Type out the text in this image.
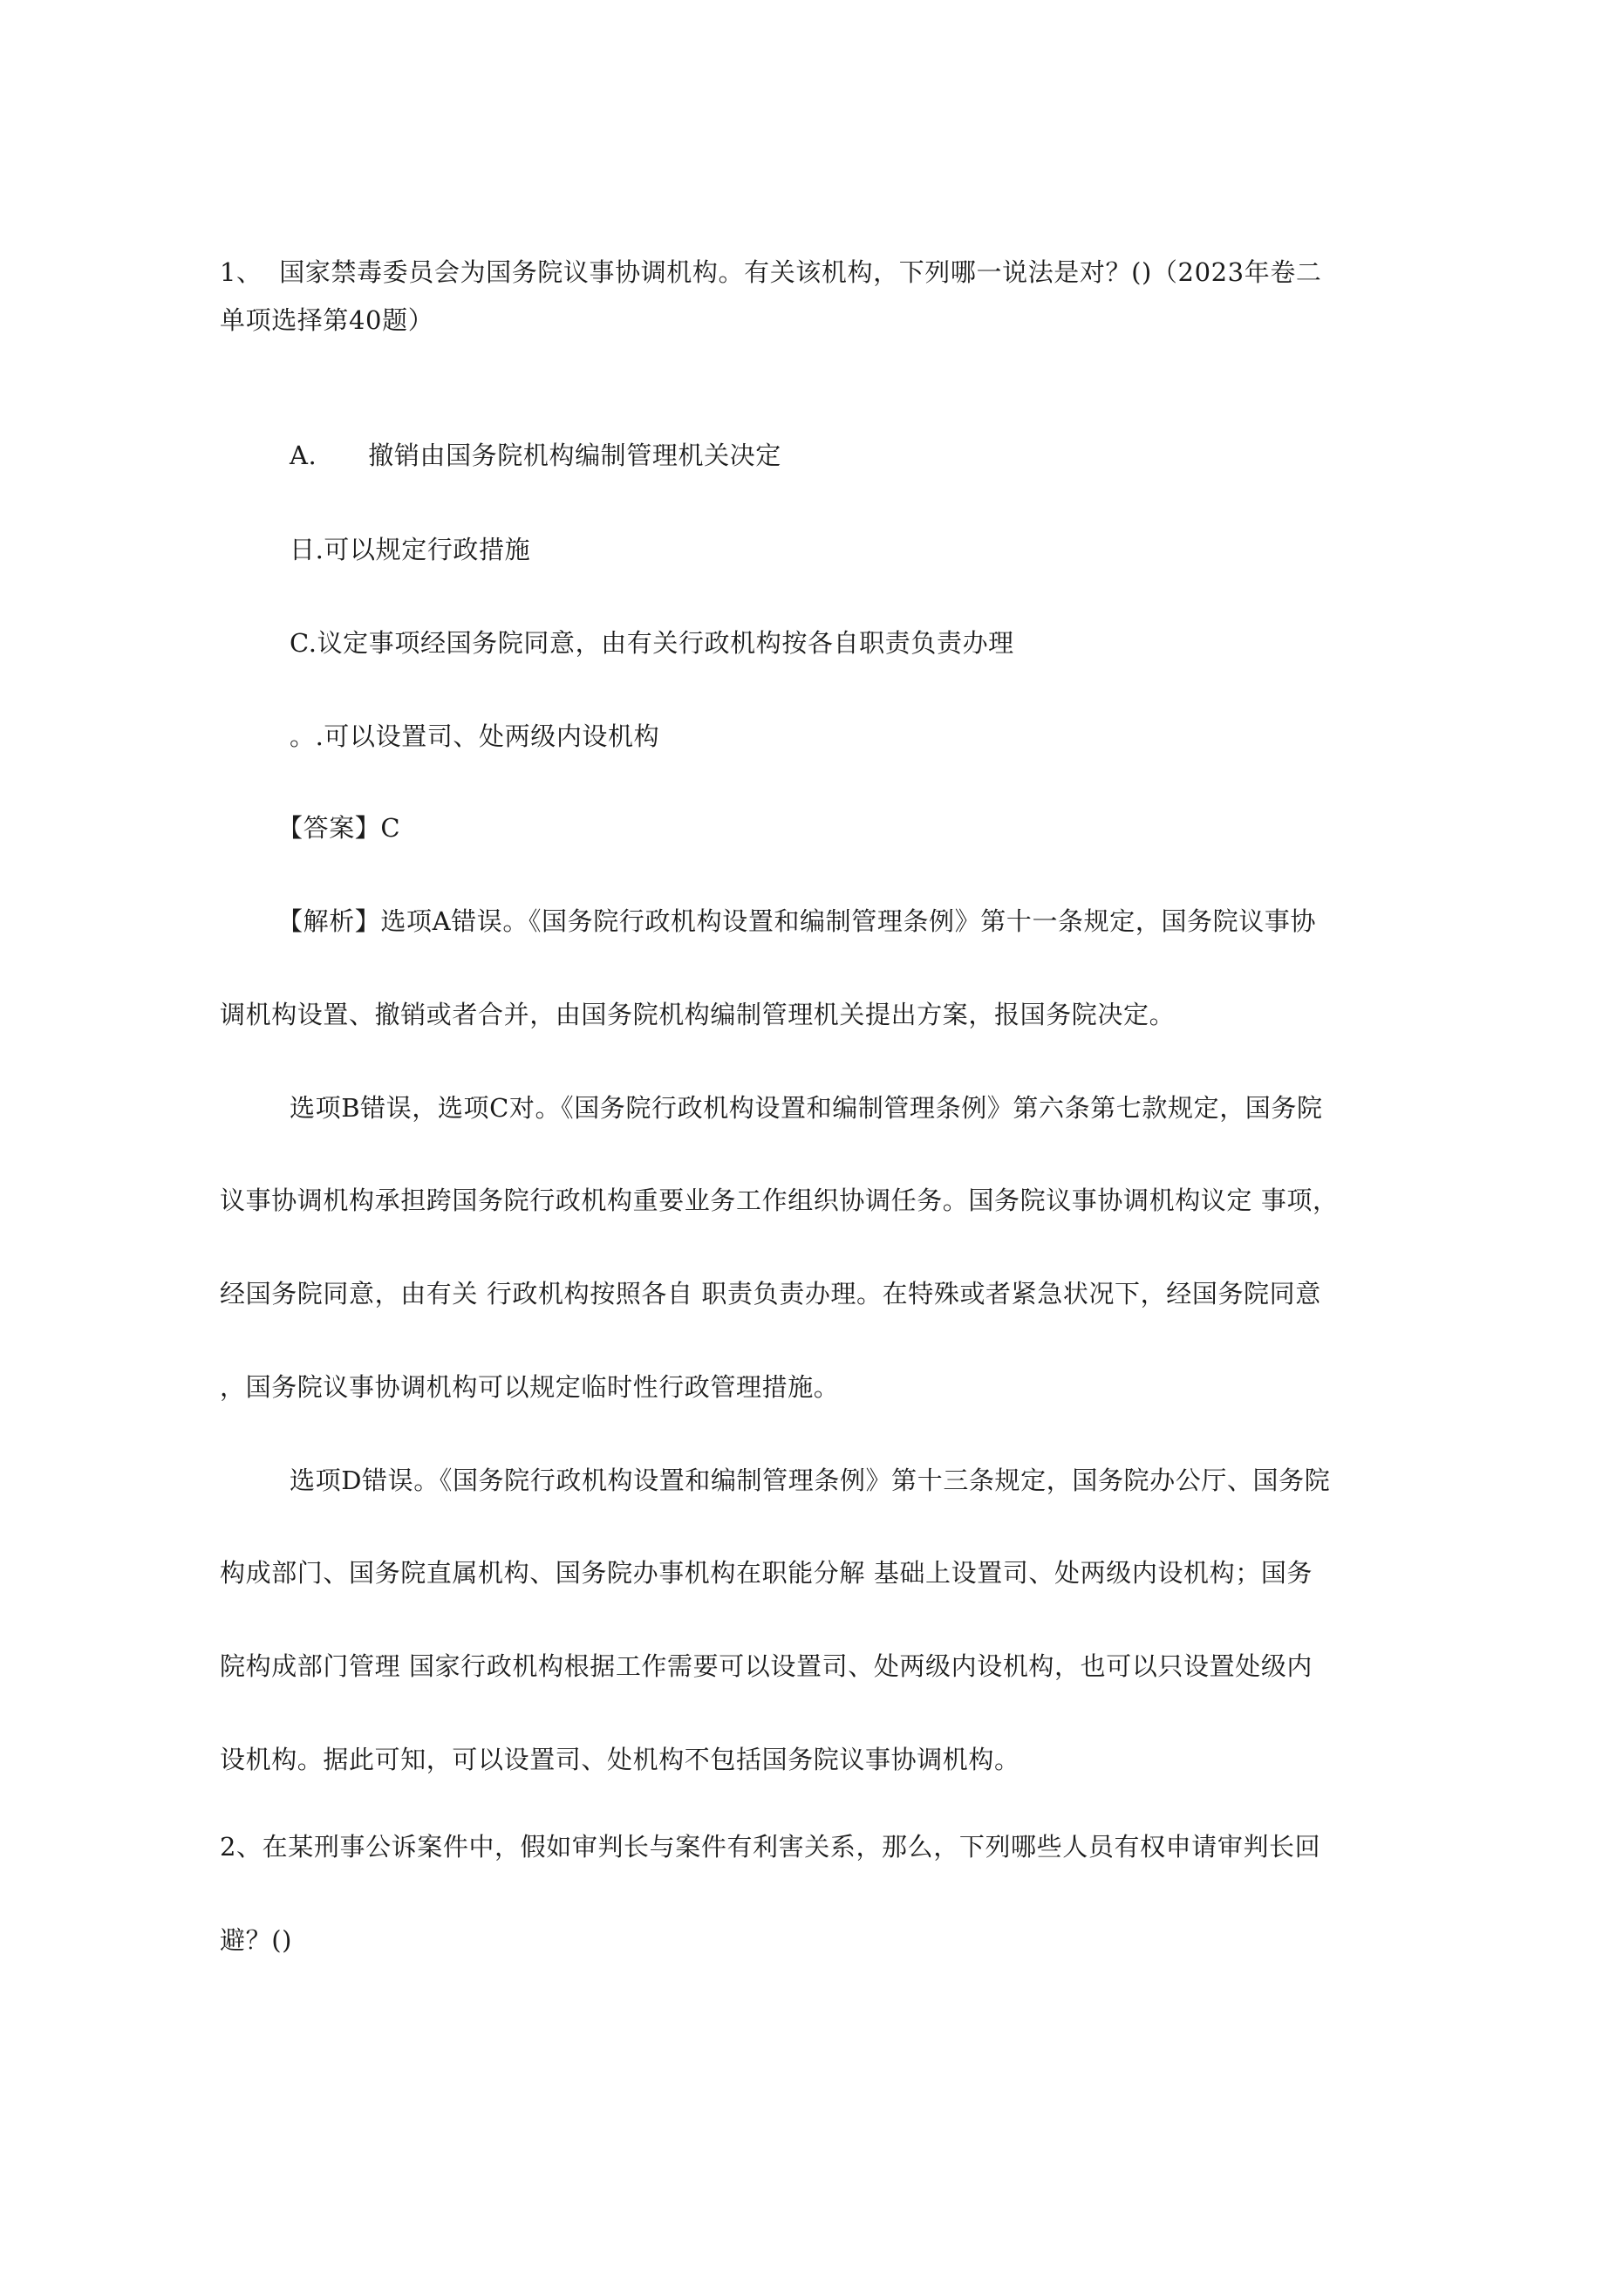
1、  国家禁毒委员会为国务院议事协调机构。有关该机构，下列哪一说法是对？()（2023年卷二
单项选择第40题）
A.      撤销由国务院机构编制管理机关决定
日.可以规定行政措施
C.议定事项经国务院同意，由有关行政机构按各自职责负责办理
。.可以设置司、处两级内设机构
【答案】C
【解析】选项A错误。《国务院行政机构设置和编制管理条例》第十一条规定，国务院议事协
调机构设置、撤销或者合并，由国务院机构编制管理机关提出方案，报国务院决定。
选项B错误，选项C对。《国务院行政机构设置和编制管理条例》第六条第七款规定，国务院
议事协调机构承担跨国务院行政机构重要业务工作组织协调任务。国务院议事协调机构议定 事项，
经国务院同意，由有关 行政机构按照各自 职责负责办理。在特殊或者紧急状况下，经国务院同意
，国务院议事协调机构可以规定临时性行政管理措施。
选项D错误。《国务院行政机构设置和编制管理条例》第十三条规定，国务院办公厅、国务院
构成部门、国务院直属机构、国务院办事机构在职能分解 基础上设置司、处两级内设机构；国务
院构成部门管理 国家行政机构根据工作需要可以设置司、处两级内设机构，也可以只设置处级内
设机构。据此可知，可以设置司、处机构不包括国务院议事协调机构。
2、在某刑事公诉案件中，假如审判长与案件有利害关系，那么，下列哪些人员有权申请审判长回
避？()
